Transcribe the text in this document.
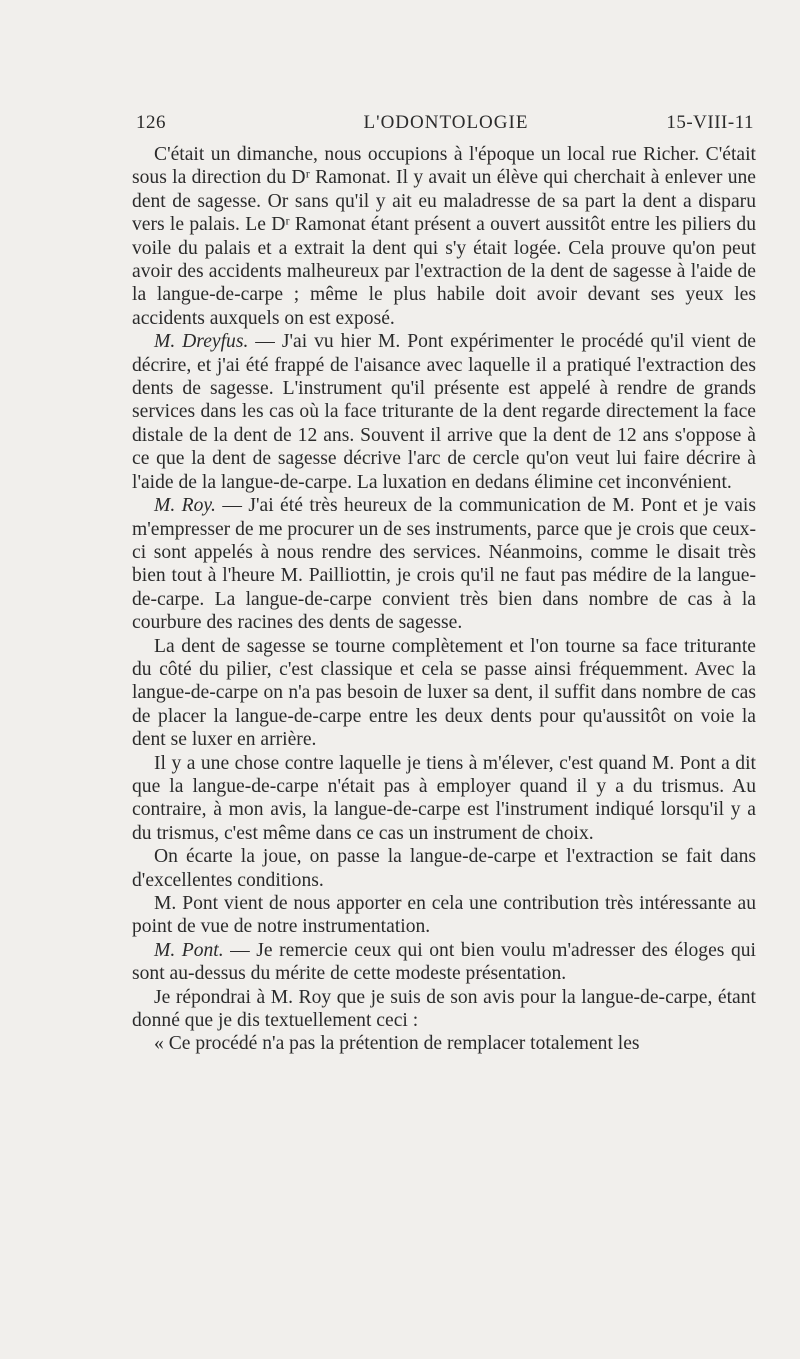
126	L'ODONTOLOGIE	15-VIII-11

C'était un dimanche, nous occupions à l'époque un local rue Richer. C'était sous la direction du Dʳ Ramonat. Il y avait un élève qui cherchait à enlever une dent de sagesse. Or sans qu'il y ait eu maladresse de sa part la dent a disparu vers le palais. Le Dʳ Ramonat étant présent a ouvert aussitôt entre les piliers du voile du palais et a extrait la dent qui s'y était logée. Cela prouve qu'on peut avoir des accidents malheureux par l'extraction de la dent de sagesse à l'aide de la langue-de-carpe ; même le plus habile doit avoir devant ses yeux les accidents auxquels on est exposé.

M. Dreyfus. — J'ai vu hier M. Pont expérimenter le procédé qu'il vient de décrire, et j'ai été frappé de l'aisance avec laquelle il a pratiqué l'extraction des dents de sagesse. L'instrument qu'il présente est appelé à rendre de grands services dans les cas où la face triturante de la dent regarde directement la face distale de la dent de 12 ans. Souvent il arrive que la dent de 12 ans s'oppose à ce que la dent de sagesse décrive l'arc de cercle qu'on veut lui faire décrire à l'aide de la langue-de-carpe. La luxation en dedans élimine cet inconvénient.

M. Roy. — J'ai été très heureux de la communication de M. Pont et je vais m'empresser de me procurer un de ses instruments, parce que je crois que ceux-ci sont appelés à nous rendre des services. Néanmoins, comme le disait très bien tout à l'heure M. Pailliottin, je crois qu'il ne faut pas médire de la langue-de-carpe. La langue-de-carpe convient très bien dans nombre de cas à la courbure des racines des dents de sagesse.

La dent de sagesse se tourne complètement et l'on tourne sa face triturante du côté du pilier, c'est classique et cela se passe ainsi fréquemment. Avec la langue-de-carpe on n'a pas besoin de luxer sa dent, il suffit dans nombre de cas de placer la langue-de-carpe entre les deux dents pour qu'aussitôt on voie la dent se luxer en arrière.

Il y a une chose contre laquelle je tiens à m'élever, c'est quand M. Pont a dit que la langue-de-carpe n'était pas à employer quand il y a du trismus. Au contraire, à mon avis, la langue-de-carpe est l'instrument indiqué lorsqu'il y a du trismus, c'est même dans ce cas un instrument de choix.

On écarte la joue, on passe la langue-de-carpe et l'extraction se fait dans d'excellentes conditions.

M. Pont vient de nous apporter en cela une contribution très intéressante au point de vue de notre instrumentation.

M. Pont. — Je remercie ceux qui ont bien voulu m'adresser des éloges qui sont au-dessus du mérite de cette modeste présentation.

Je répondrai à M. Roy que je suis de son avis pour la langue-de-carpe, étant donné que je dis textuellement ceci :

« Ce procédé n'a pas la prétention de remplacer totalement les
